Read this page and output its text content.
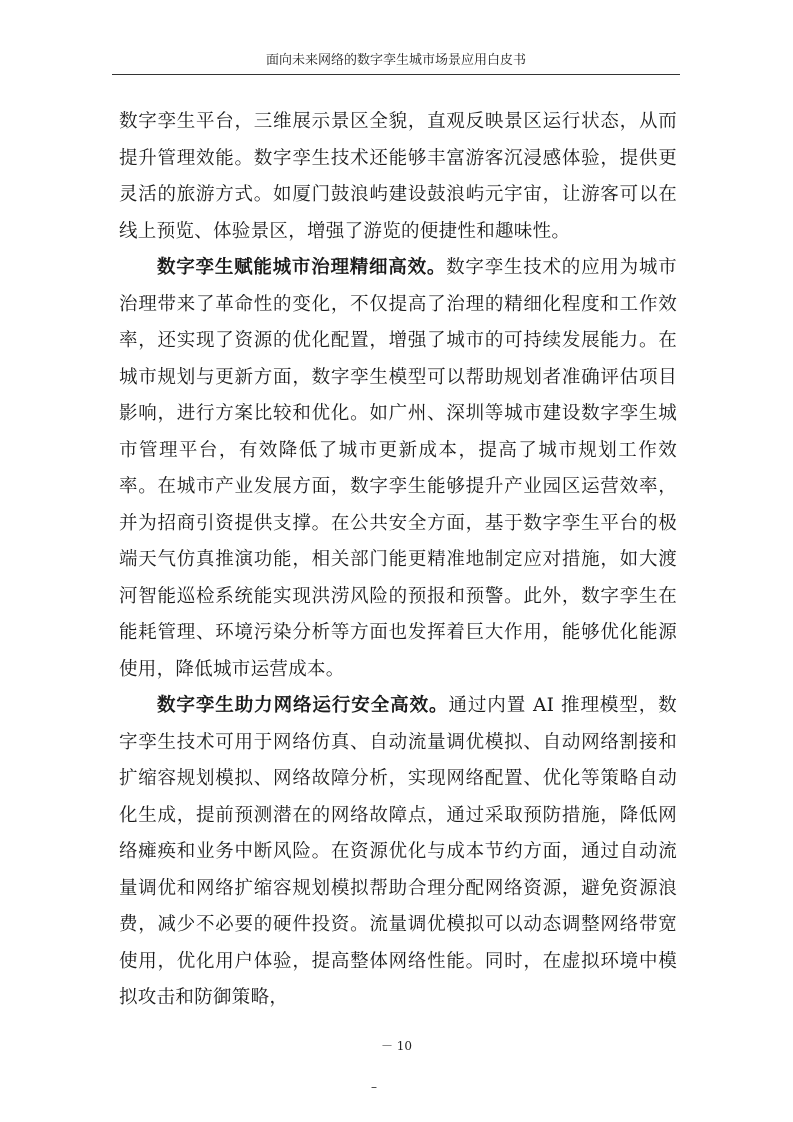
面向未来网络的数字孪生城市场景应用白皮书

数字孪生平台，三维展示景区全貌，直观反映景区运行状态，从而提升管理效能。数字孪生技术还能够丰富游客沉浸感体验，提供更灵活的旅游方式。如厦门鼓浪屿建设鼓浪屿元宇宙，让游客可以在线上预览、体验景区，增强了游览的便捷性和趣味性。

数字孪生赋能城市治理精细高效。数字孪生技术的应用为城市治理带来了革命性的变化，不仅提高了治理的精细化程度和工作效率，还实现了资源的优化配置，增强了城市的可持续发展能力。在城市规划与更新方面，数字孪生模型可以帮助规划者准确评估项目影响，进行方案比较和优化。如广州、深圳等城市建设数字孪生城市管理平台，有效降低了城市更新成本，提高了城市规划工作效率。在城市产业发展方面，数字孪生能够提升产业园区运营效率，并为招商引资提供支撑。在公共安全方面，基于数字孪生平台的极端天气仿真推演功能，相关部门能更精准地制定应对措施，如大渡河智能巡检系统能实现洪涝风险的预报和预警。此外，数字孪生在能耗管理、环境污染分析等方面也发挥着巨大作用，能够优化能源使用，降低城市运营成本。

数字孪生助力网络运行安全高效。通过内置 AI 推理模型，数字孪生技术可用于网络仿真、自动流量调优模拟、自动网络割接和扩缩容规划模拟、网络故障分析，实现网络配置、优化等策略自动化生成，提前预测潜在的网络故障点，通过采取预防措施，降低网络瘫痪和业务中断风险。在资源优化与成本节约方面，通过自动流量调优和网络扩缩容规划模拟帮助合理分配网络资源，避免资源浪费，减少不必要的硬件投资。流量调优模拟可以动态调整网络带宽使用，优化用户体验，提高整体网络性能。同时，在虚拟环境中模拟攻击和防御策略，

－ 10
–
